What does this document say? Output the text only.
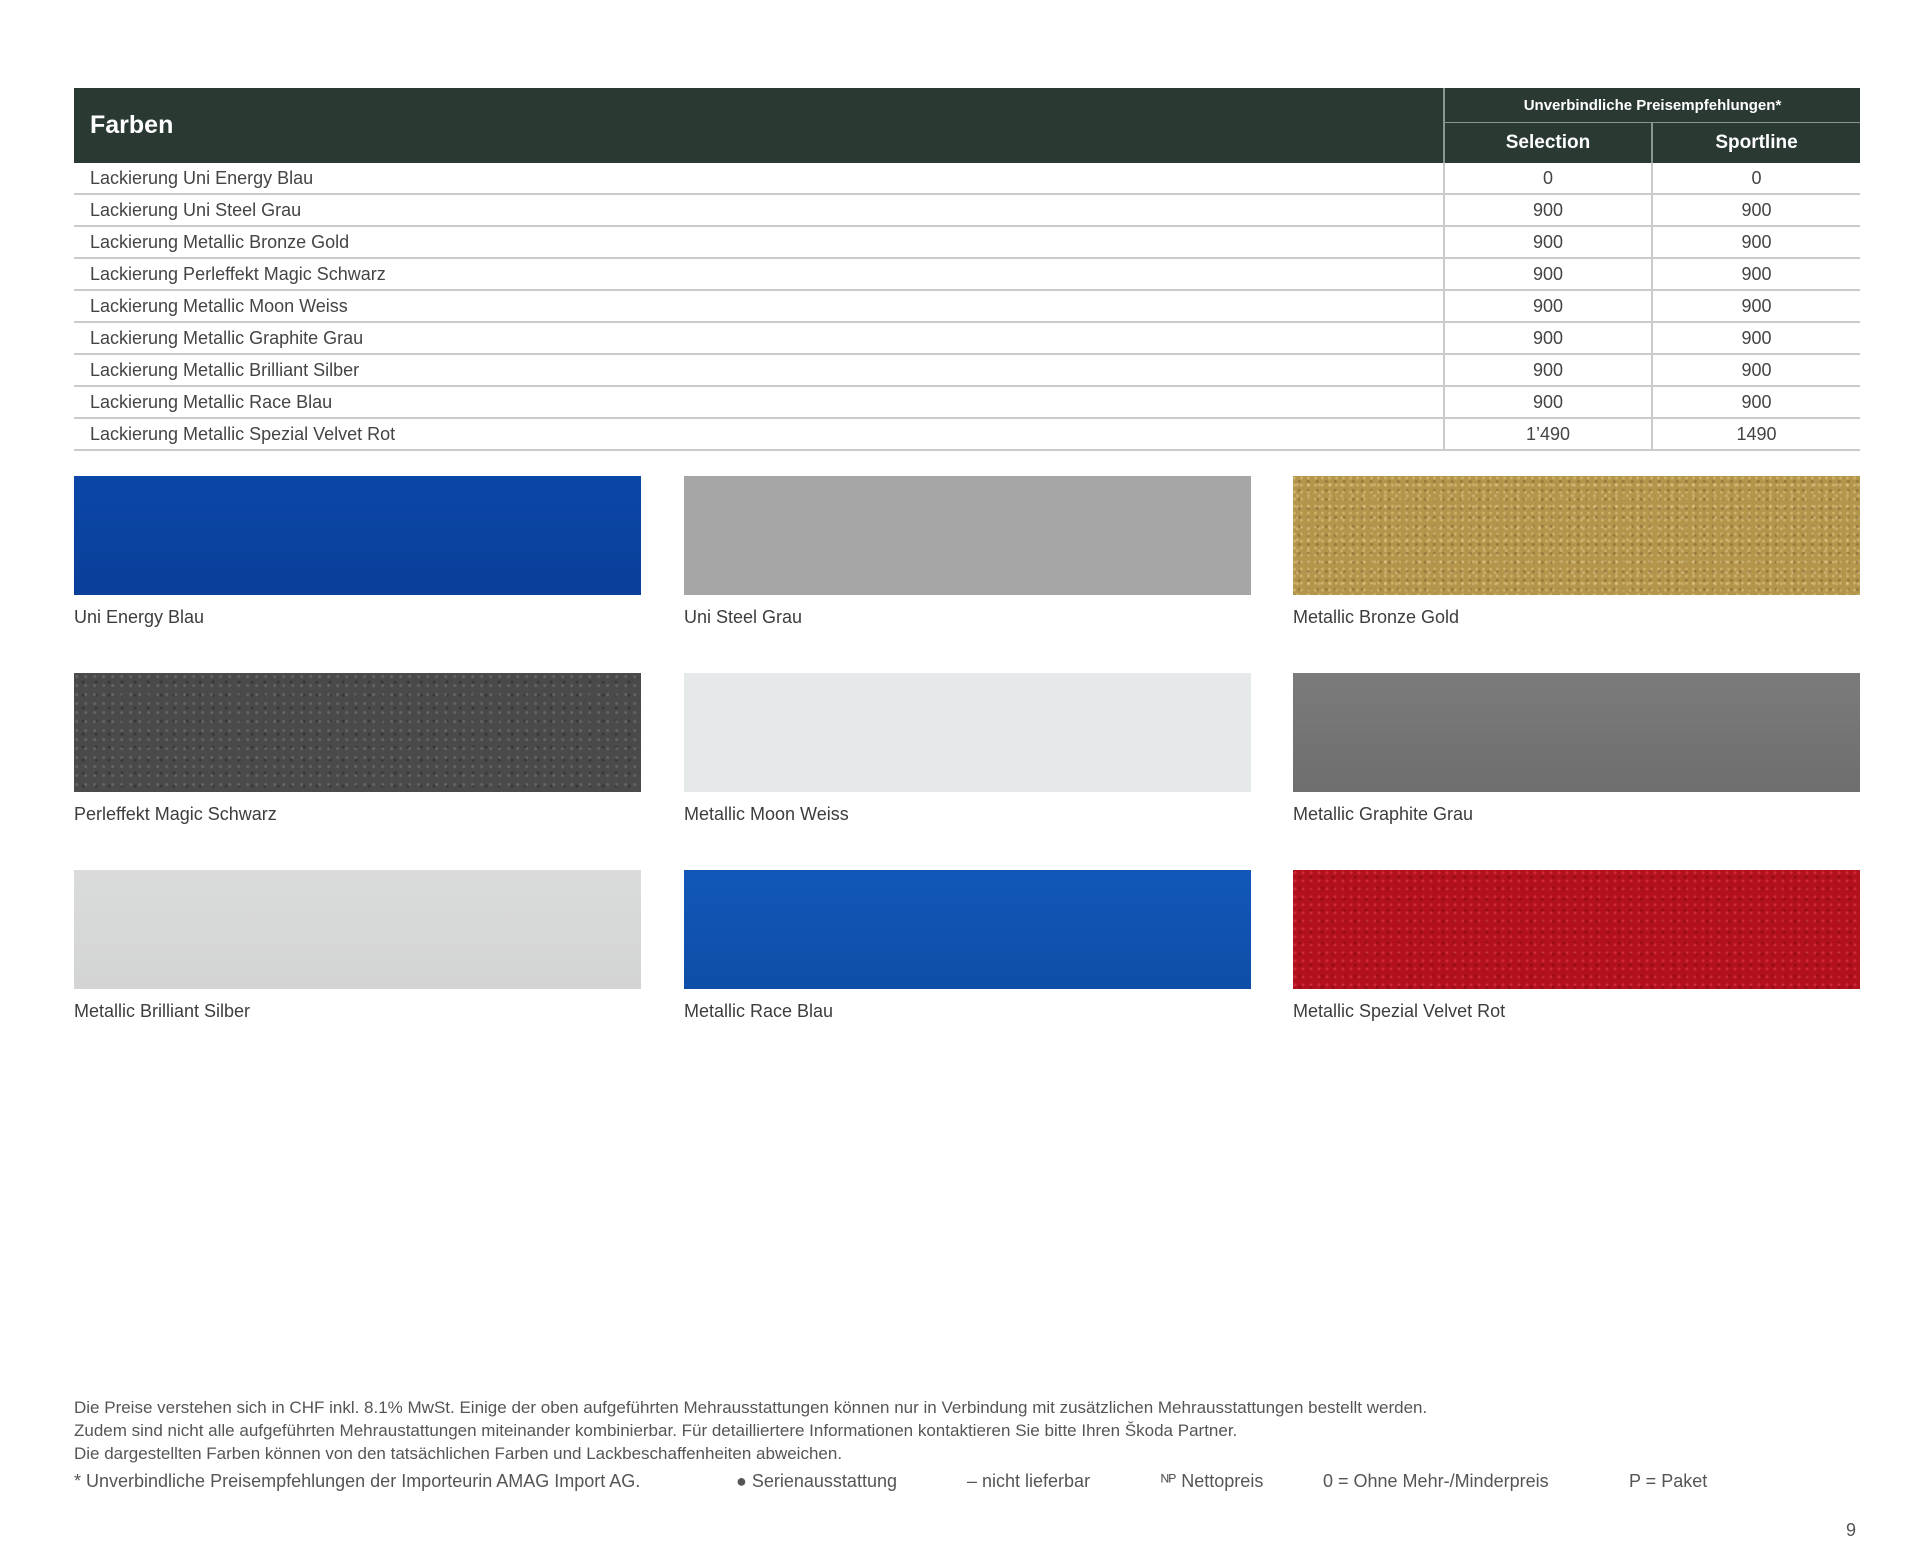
Farben	Unverbindliche Preisempfehlungen*	
	Selection	Sportline
Lackierung Uni Energy Blau	0	0
Lackierung Uni Steel Grau	900	900
Lackierung Metallic Bronze Gold	900	900
Lackierung Perleffekt Magic Schwarz	900	900
Lackierung Metallic Moon Weiss	900	900
Lackierung Metallic Graphite Grau	900	900
Lackierung Metallic Brilliant Silber	900	900
Lackierung Metallic Race Blau	900	900
Lackierung Metallic Spezial Velvet Rot	1’490	1490
Uni Energy Blau	Uni Steel Grau	Metallic Bronze Gold
Perleffekt Magic Schwarz	Metallic Moon Weiss	Metallic Graphite Grau
Metallic Brilliant Silber	Metallic Race Blau	Metallic Spezial Velvet Rot
Die Preise verstehen sich in CHF inkl. 8.1% MwSt. Einige der oben aufgeführten Mehrausstattungen können nur in Verbindung mit zusätzlichen Mehrausstattungen bestellt werden.
Zudem sind nicht alle aufgeführten Mehraustattungen miteinander kombinierbar. Für detailliertere Informationen kontaktieren Sie bitte Ihren Škoda Partner.
Die dargestellten Farben können von den tatsächlichen Farben und Lackbeschaffenheiten abweichen.
* Unverbindliche Preisempfehlungen der Importeurin AMAG Import AG.	● Serienausstattung	– nicht lieferbar	ᴺᴾ Nettopreis	0 = Ohne Mehr-/Minderpreis	P = Paket
9
